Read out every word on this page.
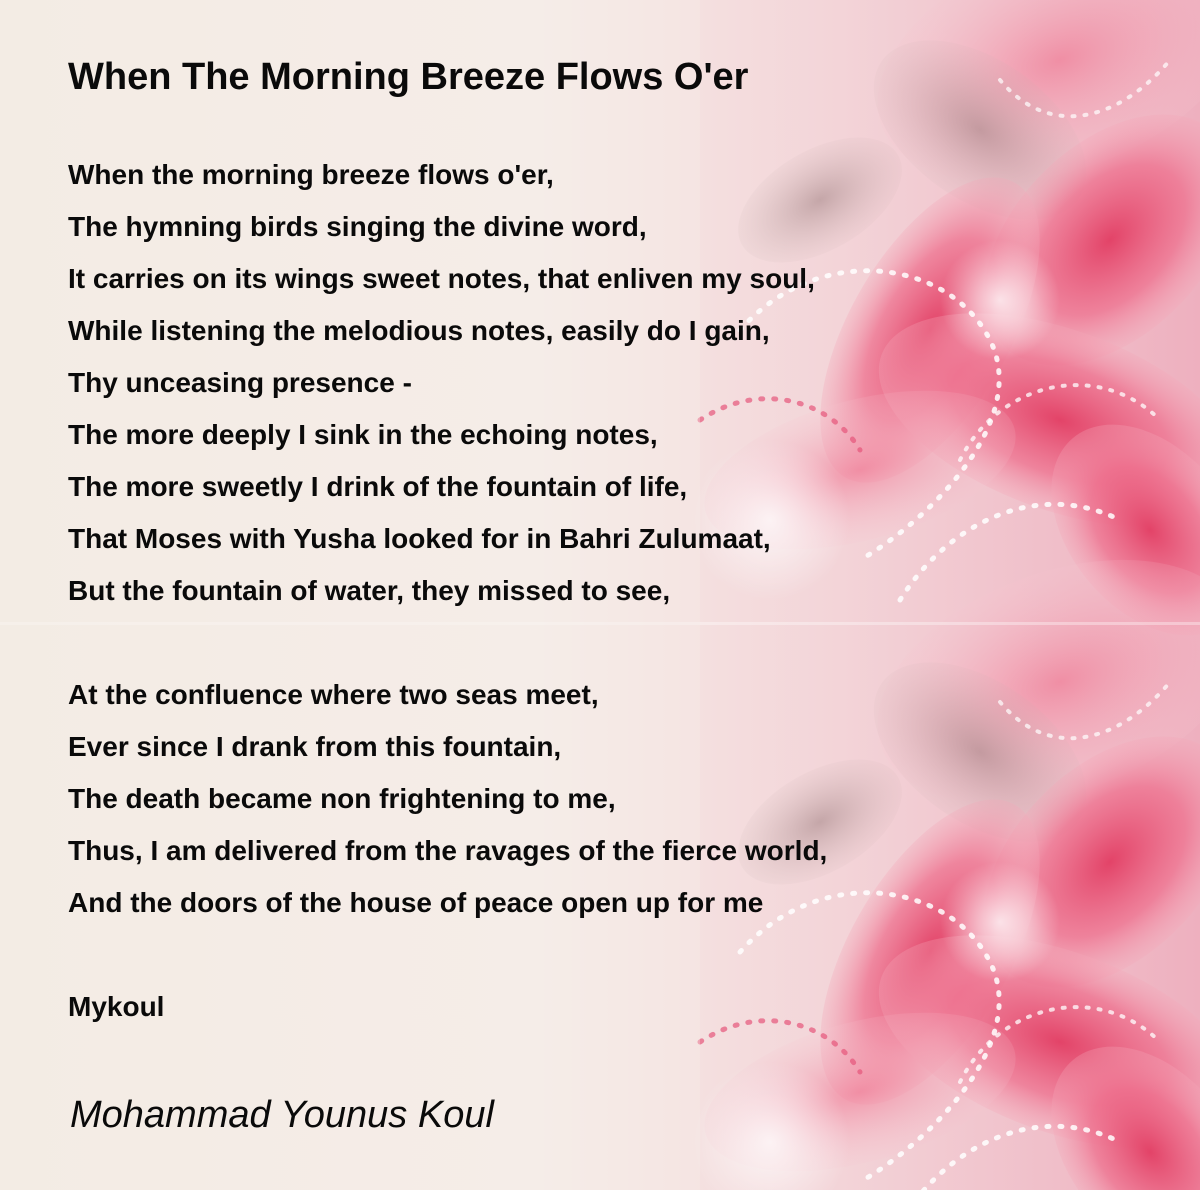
When The Morning Breeze Flows O'er
When the morning breeze flows o'er,
The hymning birds singing the divine word,
It carries on its wings sweet notes, that enliven my soul,
While listening the melodious notes, easily do I gain,
Thy unceasing presence -
The more deeply I sink in the echoing notes,
The more sweetly I drink of the fountain of life,
That Moses with Yusha looked for in Bahri Zulumaat,
But the fountain of water, they missed to see,
At the confluence where two seas meet,
Ever since I drank from this fountain,
The death became non frightening to me,
Thus, I am delivered from the ravages of the fierce world,
And the doors of the house of peace open up for me
Mykoul
Mohammad Younus Koul
